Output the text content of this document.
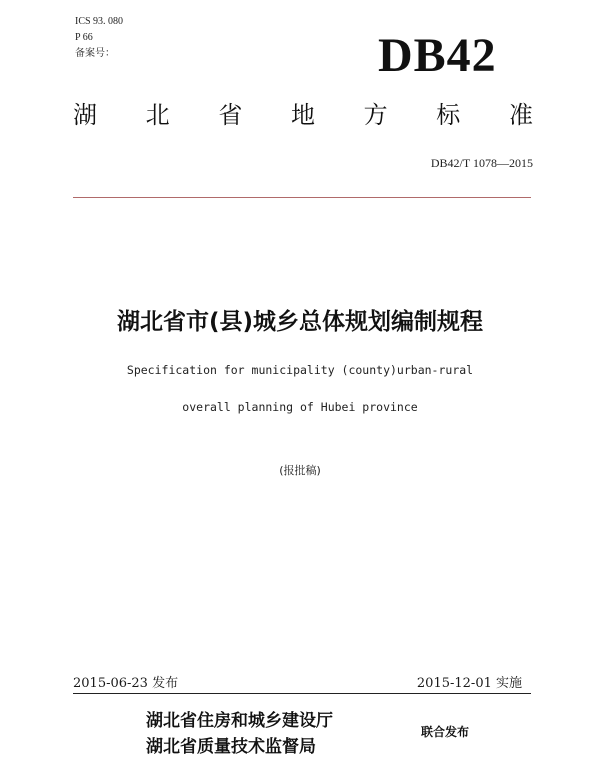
ICS 93. 080
P 66
备案号：	DB42
湖 北 省 地 方 标 准
DB42/T 1078—2015
湖北省市(县)城乡总体规划编制规程
Specification for municipality (county)urban-rural
overall planning of Hubei province
(报批稿)
2015-06-23 发布	2015-12-01 实施
湖北省住房和城乡建设厅
湖北省质量技术监督局
联合发布
